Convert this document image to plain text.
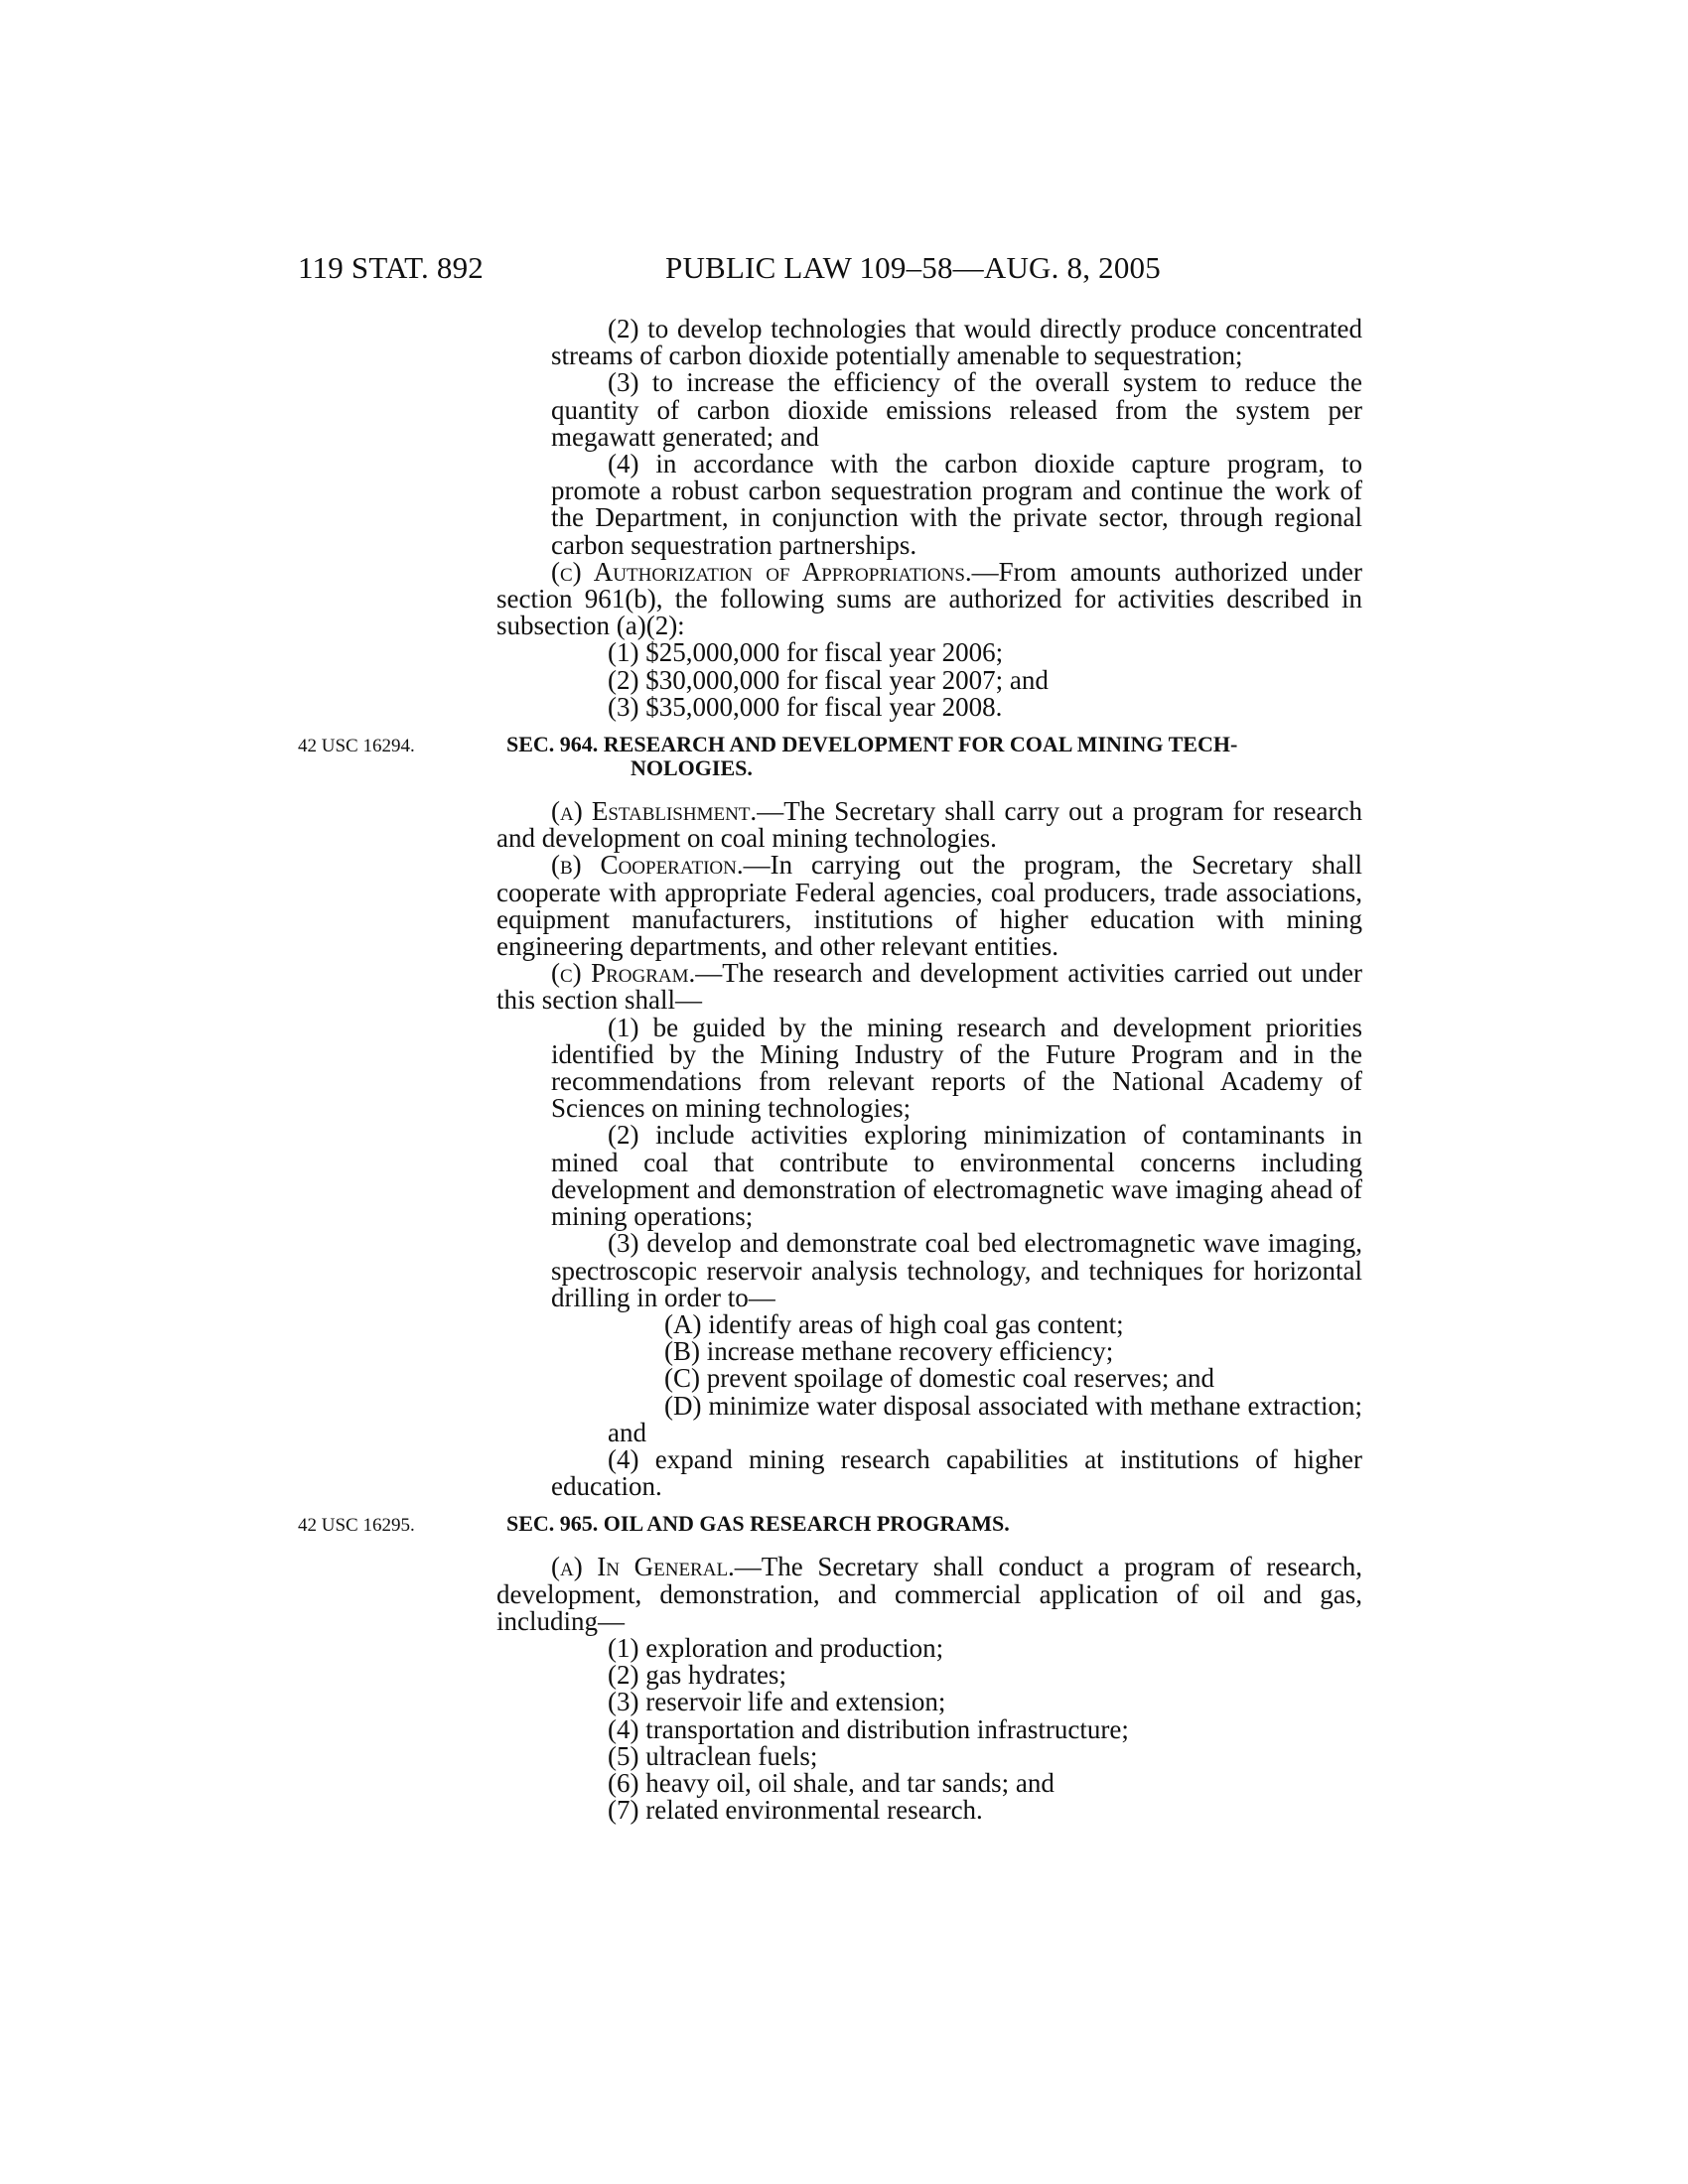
119 STAT. 892	PUBLIC LAW 109–58—AUG. 8, 2005

(2) to develop technologies that would directly produce concentrated streams of carbon dioxide potentially amenable to sequestration;

(3) to increase the efficiency of the overall system to reduce the quantity of carbon dioxide emissions released from the system per megawatt generated; and

(4) in accordance with the carbon dioxide capture program, to promote a robust carbon sequestration program and continue the work of the Department, in conjunction with the private sector, through regional carbon sequestration partnerships.

(c) Authorization of Appropriations.—From amounts authorized under section 961(b), the following sums are authorized for activities described in subsection (a)(2):

(1) $25,000,000 for fiscal year 2006;

(2) $30,000,000 for fiscal year 2007; and

(3) $35,000,000 for fiscal year 2008.

42 USC 16294.	SEC. 964. RESEARCH AND DEVELOPMENT FOR COAL MINING TECH-
NOLOGIES.

(a) Establishment.—The Secretary shall carry out a program for research and development on coal mining technologies.

(b) Cooperation.—In carrying out the program, the Secretary shall cooperate with appropriate Federal agencies, coal producers, trade associations, equipment manufacturers, institutions of higher education with mining engineering departments, and other relevant entities.

(c) Program.—The research and development activities carried out under this section shall—

(1) be guided by the mining research and development priorities identified by the Mining Industry of the Future Program and in the recommendations from relevant reports of the National Academy of Sciences on mining technologies;

(2) include activities exploring minimization of contaminants in mined coal that contribute to environmental concerns including development and demonstration of electromagnetic wave imaging ahead of mining operations;

(3) develop and demonstrate coal bed electromagnetic wave imaging, spectroscopic reservoir analysis technology, and techniques for horizontal drilling in order to—

(A) identify areas of high coal gas content;

(B) increase methane recovery efficiency;

(C) prevent spoilage of domestic coal reserves; and

(D) minimize water disposal associated with methane extraction; and

(4) expand mining research capabilities at institutions of higher education.

42 USC 16295.	SEC. 965. OIL AND GAS RESEARCH PROGRAMS.

(a) In General.—The Secretary shall conduct a program of research, development, demonstration, and commercial application of oil and gas, including—

(1) exploration and production;

(2) gas hydrates;

(3) reservoir life and extension;

(4) transportation and distribution infrastructure;

(5) ultraclean fuels;

(6) heavy oil, oil shale, and tar sands; and

(7) related environmental research.
